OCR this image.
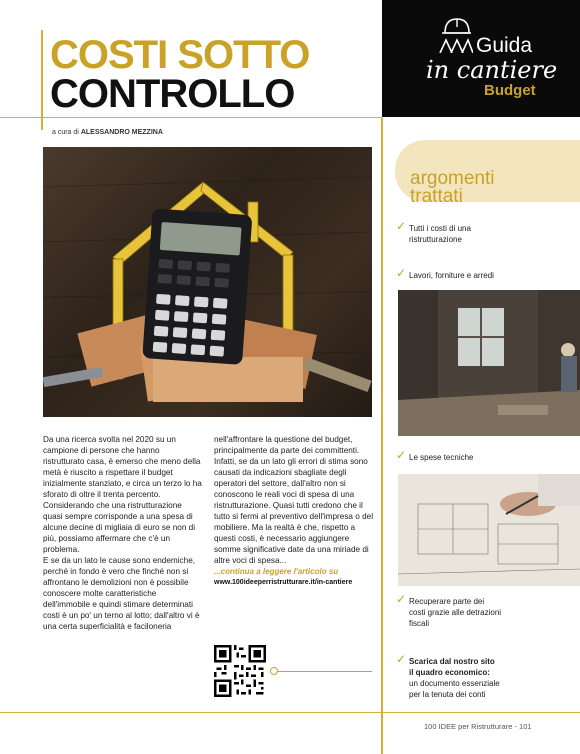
COSTI SOTTO
CONTROLLO
a cura di ALESSANDRO MEZZINA
Guida
in cantiere
Budget

Da una ricerca svolta nel 2020 su un campione di persone che hanno ristrutturato casa, è emerso che meno della metà è riuscito a rispettare il budget inizialmente stanziato, e circa un terzo lo ha sforato di oltre il trenta percento. Considerando che una ristrutturazione quasi sempre corrisponde a una spesa di alcune decine di migliaia di euro se non di più, possiamo affermare che c'è un problema.

E se da un lato le cause sono endemiche, perché in fondo è vero che finché non si affrontano le demolizioni non è possibile conoscere molte caratteristiche dell'immobile e quindi stimare determinati costi è un po' un terno al lotto; dall'altro vi è una certa superficialità e faciloneria

nell'affrontare la questione del budget, principalmente da parte dei committenti.

Infatti, se da un lato gli errori di stima sono causati da indicazioni sbagliate degli operatori del settore, dall'altro non si conoscono le reali voci di spesa di una ristrutturazione. Quasi tutti credono che il tutto si fermi al preventivo dell'impresa o del mobiliere. Ma la realtà è che, rispetto a questi costi, è necessario aggiungere somme significative date da una miriade di altre voci di spesa...

...continua a leggere l'articolo su

www.100ideeperristrutturare.it/in-cantiere

argomenti
trattati
✓ Tutti i costi di una
ristrutturazione
✓ Lavori, forniture e arredi
✓ Le spese tecniche
✓ Recuperare parte dei
costi grazie alle detrazioni
fiscali
✓ Scarica dal nostro sito
il quadro economico:
un documento essenziale
per la tenuta dei conti
100 IDEE per Ristrutturare - 101
